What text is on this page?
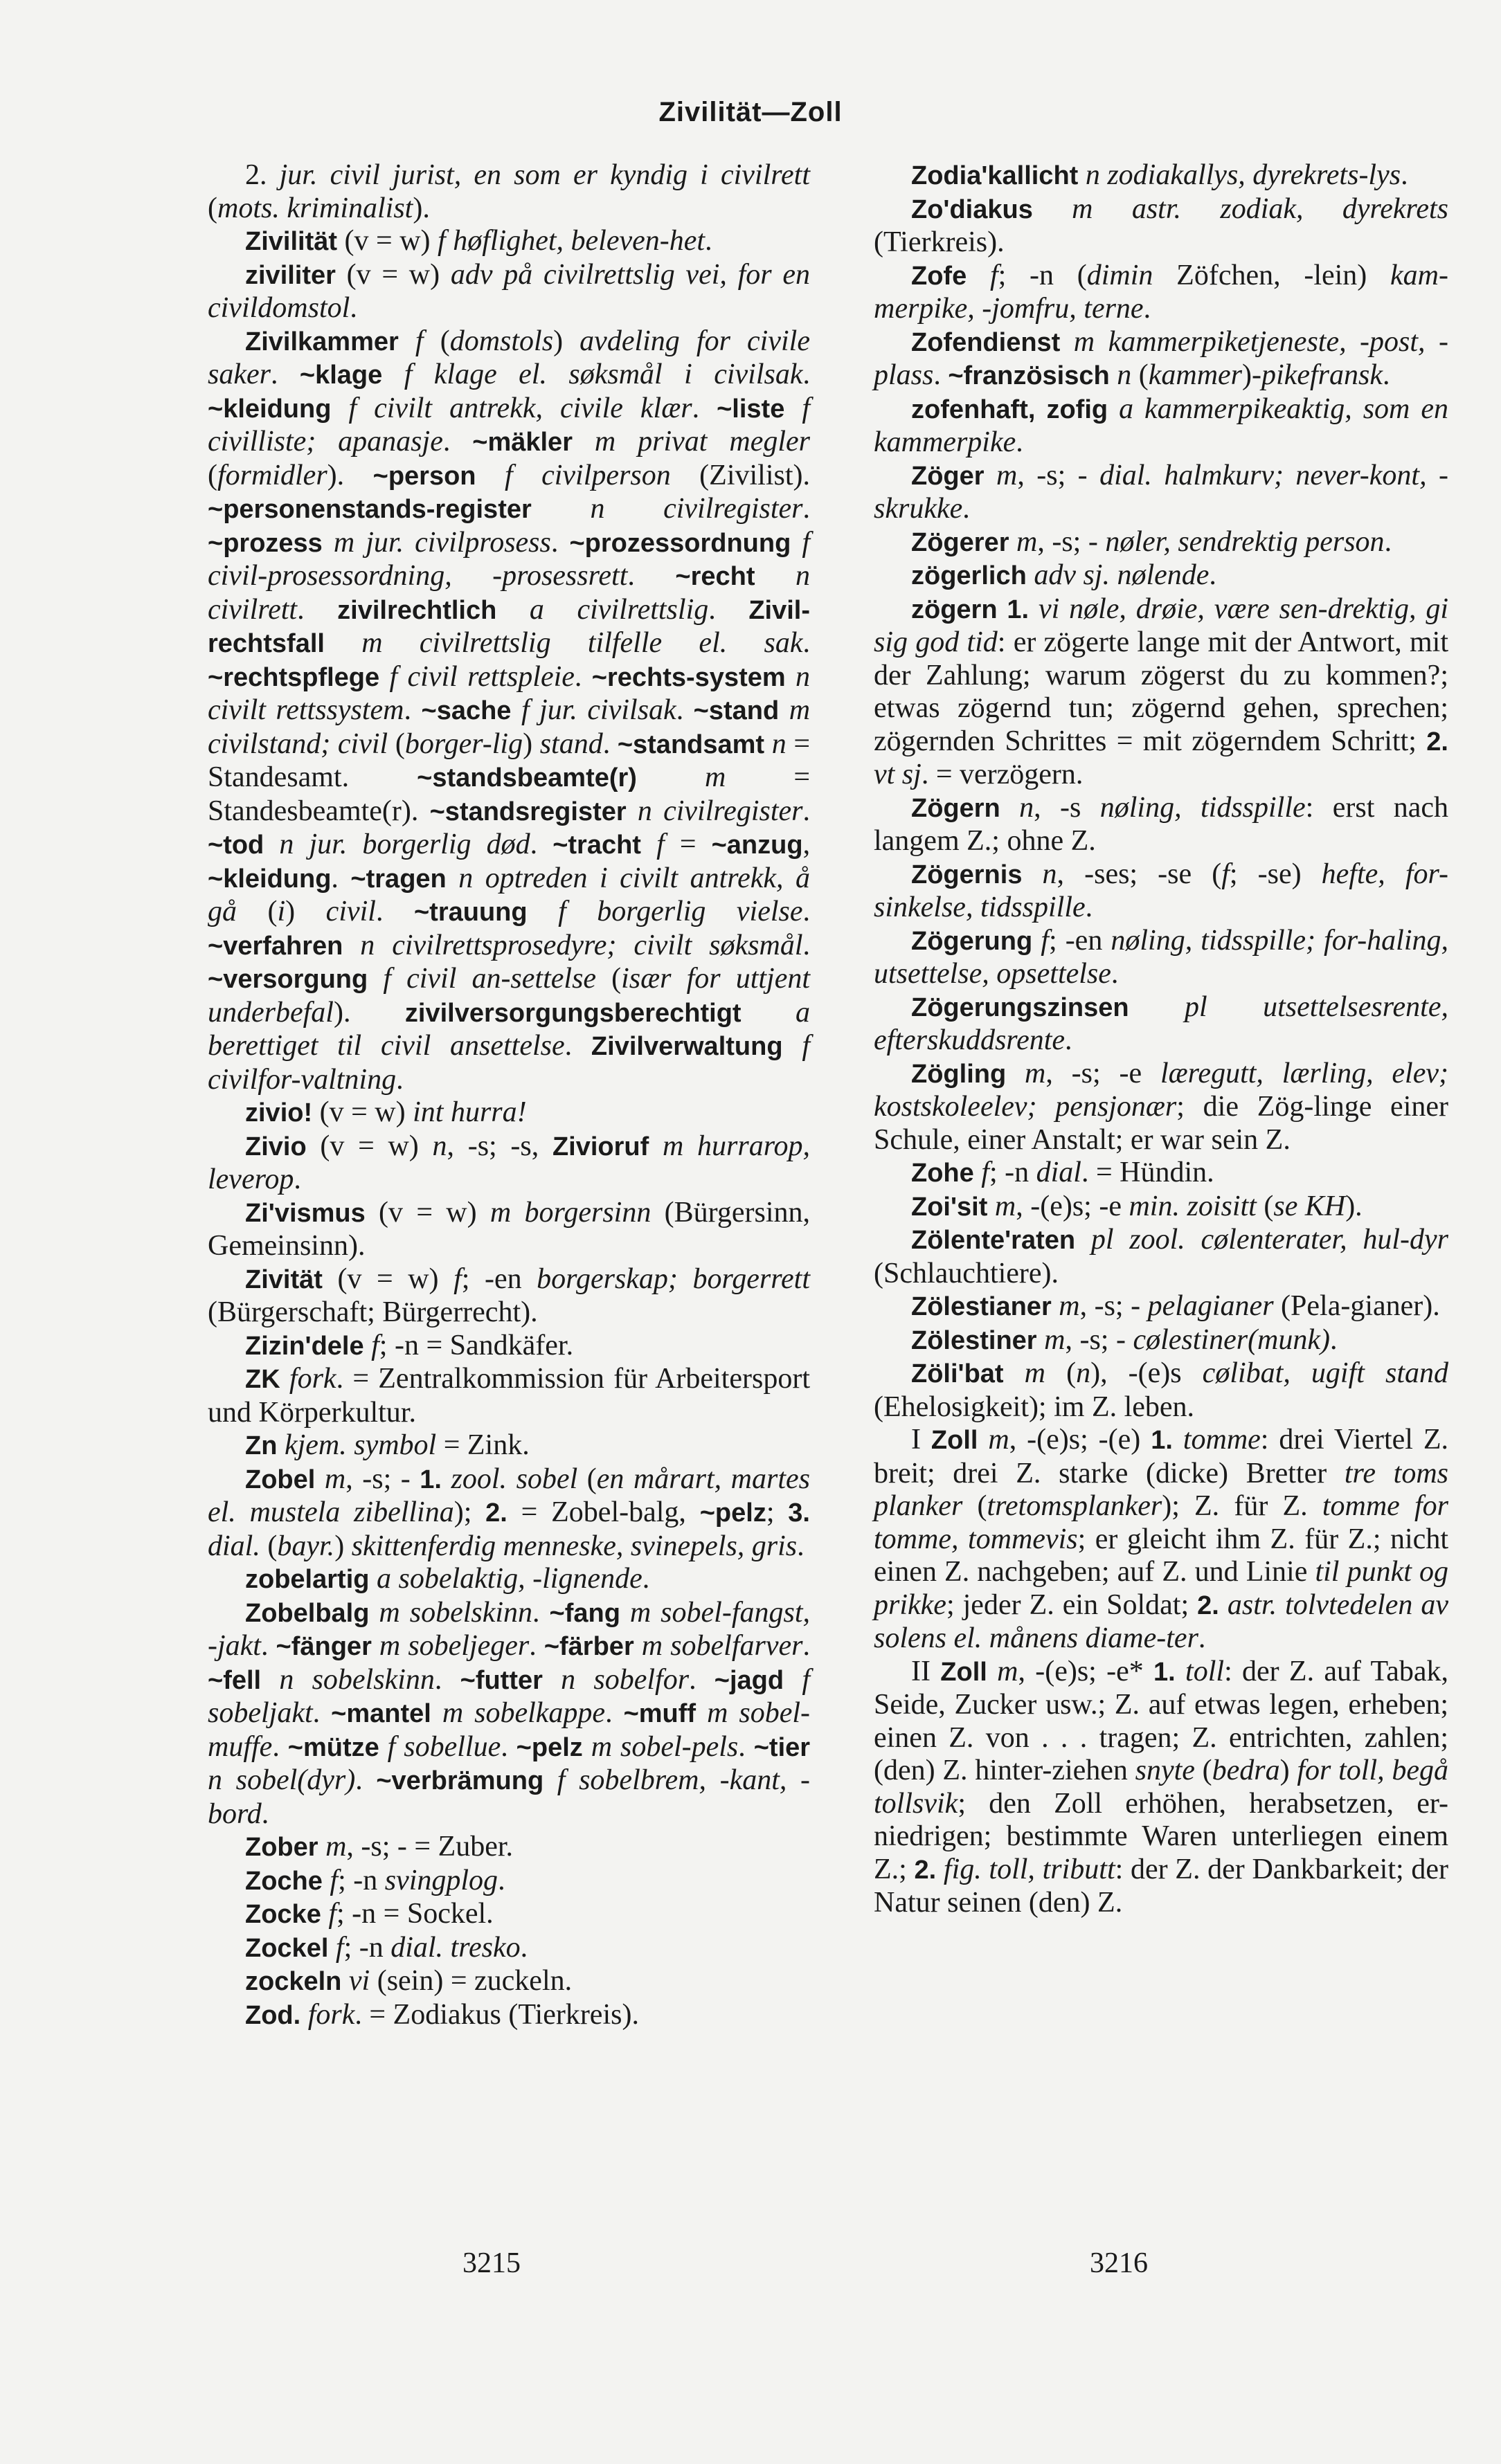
Zivilität—Zoll

2. jur. civil jurist, en som er kyndig i civilrett (mots. kriminalist).

Zivilität (v = w) f høflighet, beleven-het.

ziviliter (v = w) adv på civilrettslig vei, for en civildomstol.

Zivilkammer f (domstols) avdeling for civile saker. ~klage f klage el. søksmål i civilsak. ~kleidung f civilt antrekk, civile klær. ~liste f civilliste; apanasje. ~mäkler m privat megler (formidler). ~person f civilperson (Zivilist). ~personenstands-register n civilregister. ~prozess m jur. civilprosess. ~prozessordnung f civil-prosessordning, -prosessrett. ~recht n civilrett. zivilrechtlich a civilrettslig. Zivil-rechtsfall m civilrettslig tilfelle el. sak. ~rechtspflege f civil rettspleie. ~rechts-system n civilt rettssystem. ~sache f jur. civilsak. ~stand m civilstand; civil (borger-lig) stand. ~standsamt n = Standesamt. ~standsbeamte(r) m = Standesbeamte(r). ~standsregister n civilregister. ~tod n jur. borgerlig død. ~tracht f = ~anzug, ~kleidung. ~tragen n optreden i civilt antrekk, å gå (i) civil. ~trauung f borgerlig vielse. ~verfahren n civilrettsprosedyre; civilt søksmål. ~versorgung f civil an-settelse (især for uttjent underbefal). zivilversorgungsberechtigt a berettiget til civil ansettelse. Zivilverwaltung f civilfor-valtning.

zivio! (v = w) int hurra!

Zivio (v = w) n, -s; -s, Zivioruf m hurrarop, leverop.

Zi'vismus (v = w) m borgersinn (Bürgersinn, Gemeinsinn).

Zivität (v = w) f; -en borgerskap; borgerrett (Bürgerschaft; Bürgerrecht).

Zizin'dele f; -n = Sandkäfer.

ZK fork. = Zentralkommission für Arbeitersport und Körperkultur.

Zn kjem. symbol = Zink.

Zobel m, -s; - 1. zool. sobel (en mårart, martes el. mustela zibellina); 2. = Zobel-balg, ~pelz; 3. dial. (bayr.) skittenferdig menneske, svinepels, gris.

zobelartig a sobelaktig, -lignende.

Zobelbalg m sobelskinn. ~fang m sobel-fangst, -jakt. ~fänger m sobeljeger. ~färber m sobelfarver. ~fell n sobelskinn. ~futter n sobelfor. ~jagd f sobeljakt. ~mantel m sobelkappe. ~muff m sobel-muffe. ~mütze f sobellue. ~pelz m sobel-pels. ~tier n sobel(dyr). ~verbrämung f sobelbrem, -kant, -bord.

Zober m, -s; - = Zuber.

Zoche f; -n svingplog.

Zocke f; -n = Sockel.

Zockel f; -n dial. tresko.

zockeln vi (sein) = zuckeln.

Zod. fork. = Zodiakus (Tierkreis).

Zodia'kallicht n zodiakallys, dyrekrets-lys.

Zo'diakus m astr. zodiak, dyrekrets (Tierkreis).

Zofe f; -n (dimin Zöfchen, -lein) kam-merpike, -jomfru, terne.

Zofendienst m kammerpiketjeneste, -post, -plass. ~französisch n (kammer)-pikefransk.

zofenhaft, zofig a kammerpikeaktig, som en kammerpike.

Zöger m, -s; - dial. halmkurv; never-kont, -skrukke.

Zögerer m, -s; - nøler, sendrektig person.

zögerlich adv sj. nølende.

zögern 1. vi nøle, drøie, være sen-drektig, gi sig god tid: er zögerte lange mit der Antwort, mit der Zahlung; warum zögerst du zu kommen?; etwas zögernd tun; zögernd gehen, sprechen; zögernden Schrittes = mit zögerndem Schritt; 2. vt sj. = verzögern.

Zögern n, -s nøling, tidsspille: erst nach langem Z.; ohne Z.

Zögernis n, -ses; -se (f; -se) hefte, for-sinkelse, tidsspille.

Zögerung f; -en nøling, tidsspille; for-haling, utsettelse, opsettelse.

Zögerungszinsen pl utsettelsesrente, efterskuddsrente.

Zögling m, -s; -e læregutt, lærling, elev; kostskoleelev; pensjonær; die Zög-linge einer Schule, einer Anstalt; er war sein Z.

Zohe f; -n dial. = Hündin.

Zoi'sit m, -(e)s; -e min. zoisitt (se KH).

Zölente'raten pl zool. cølenterater, hul-dyr (Schlauchtiere).

Zölestianer m, -s; - pelagianer (Pela-gianer).

Zölestiner m, -s; - cølestiner(munk).

Zöli'bat m (n), -(e)s cølibat, ugift stand (Ehelosigkeit); im Z. leben.

I Zoll m, -(e)s; -(e) 1. tomme: drei Viertel Z. breit; drei Z. starke (dicke) Bretter tre toms planker (tretomsplanker); Z. für Z. tomme for tomme, tommevis; er gleicht ihm Z. für Z.; nicht einen Z. nachgeben; auf Z. und Linie til punkt og prikke; jeder Z. ein Soldat; 2. astr. tolvtedelen av solens el. månens diame-ter.

II Zoll m, -(e)s; -e* 1. toll: der Z. auf Tabak, Seide, Zucker usw.; Z. auf etwas legen, erheben; einen Z. von . . . tragen; Z. entrichten, zahlen; (den) Z. hinter-ziehen snyte (bedra) for toll, begå tollsvik; den Zoll erhöhen, herabsetzen, er-niedrigen; bestimmte Waren unterliegen einem Z.; 2. fig. toll, tributt: der Z. der Dankbarkeit; der Natur seinen (den) Z.

3215	3216
